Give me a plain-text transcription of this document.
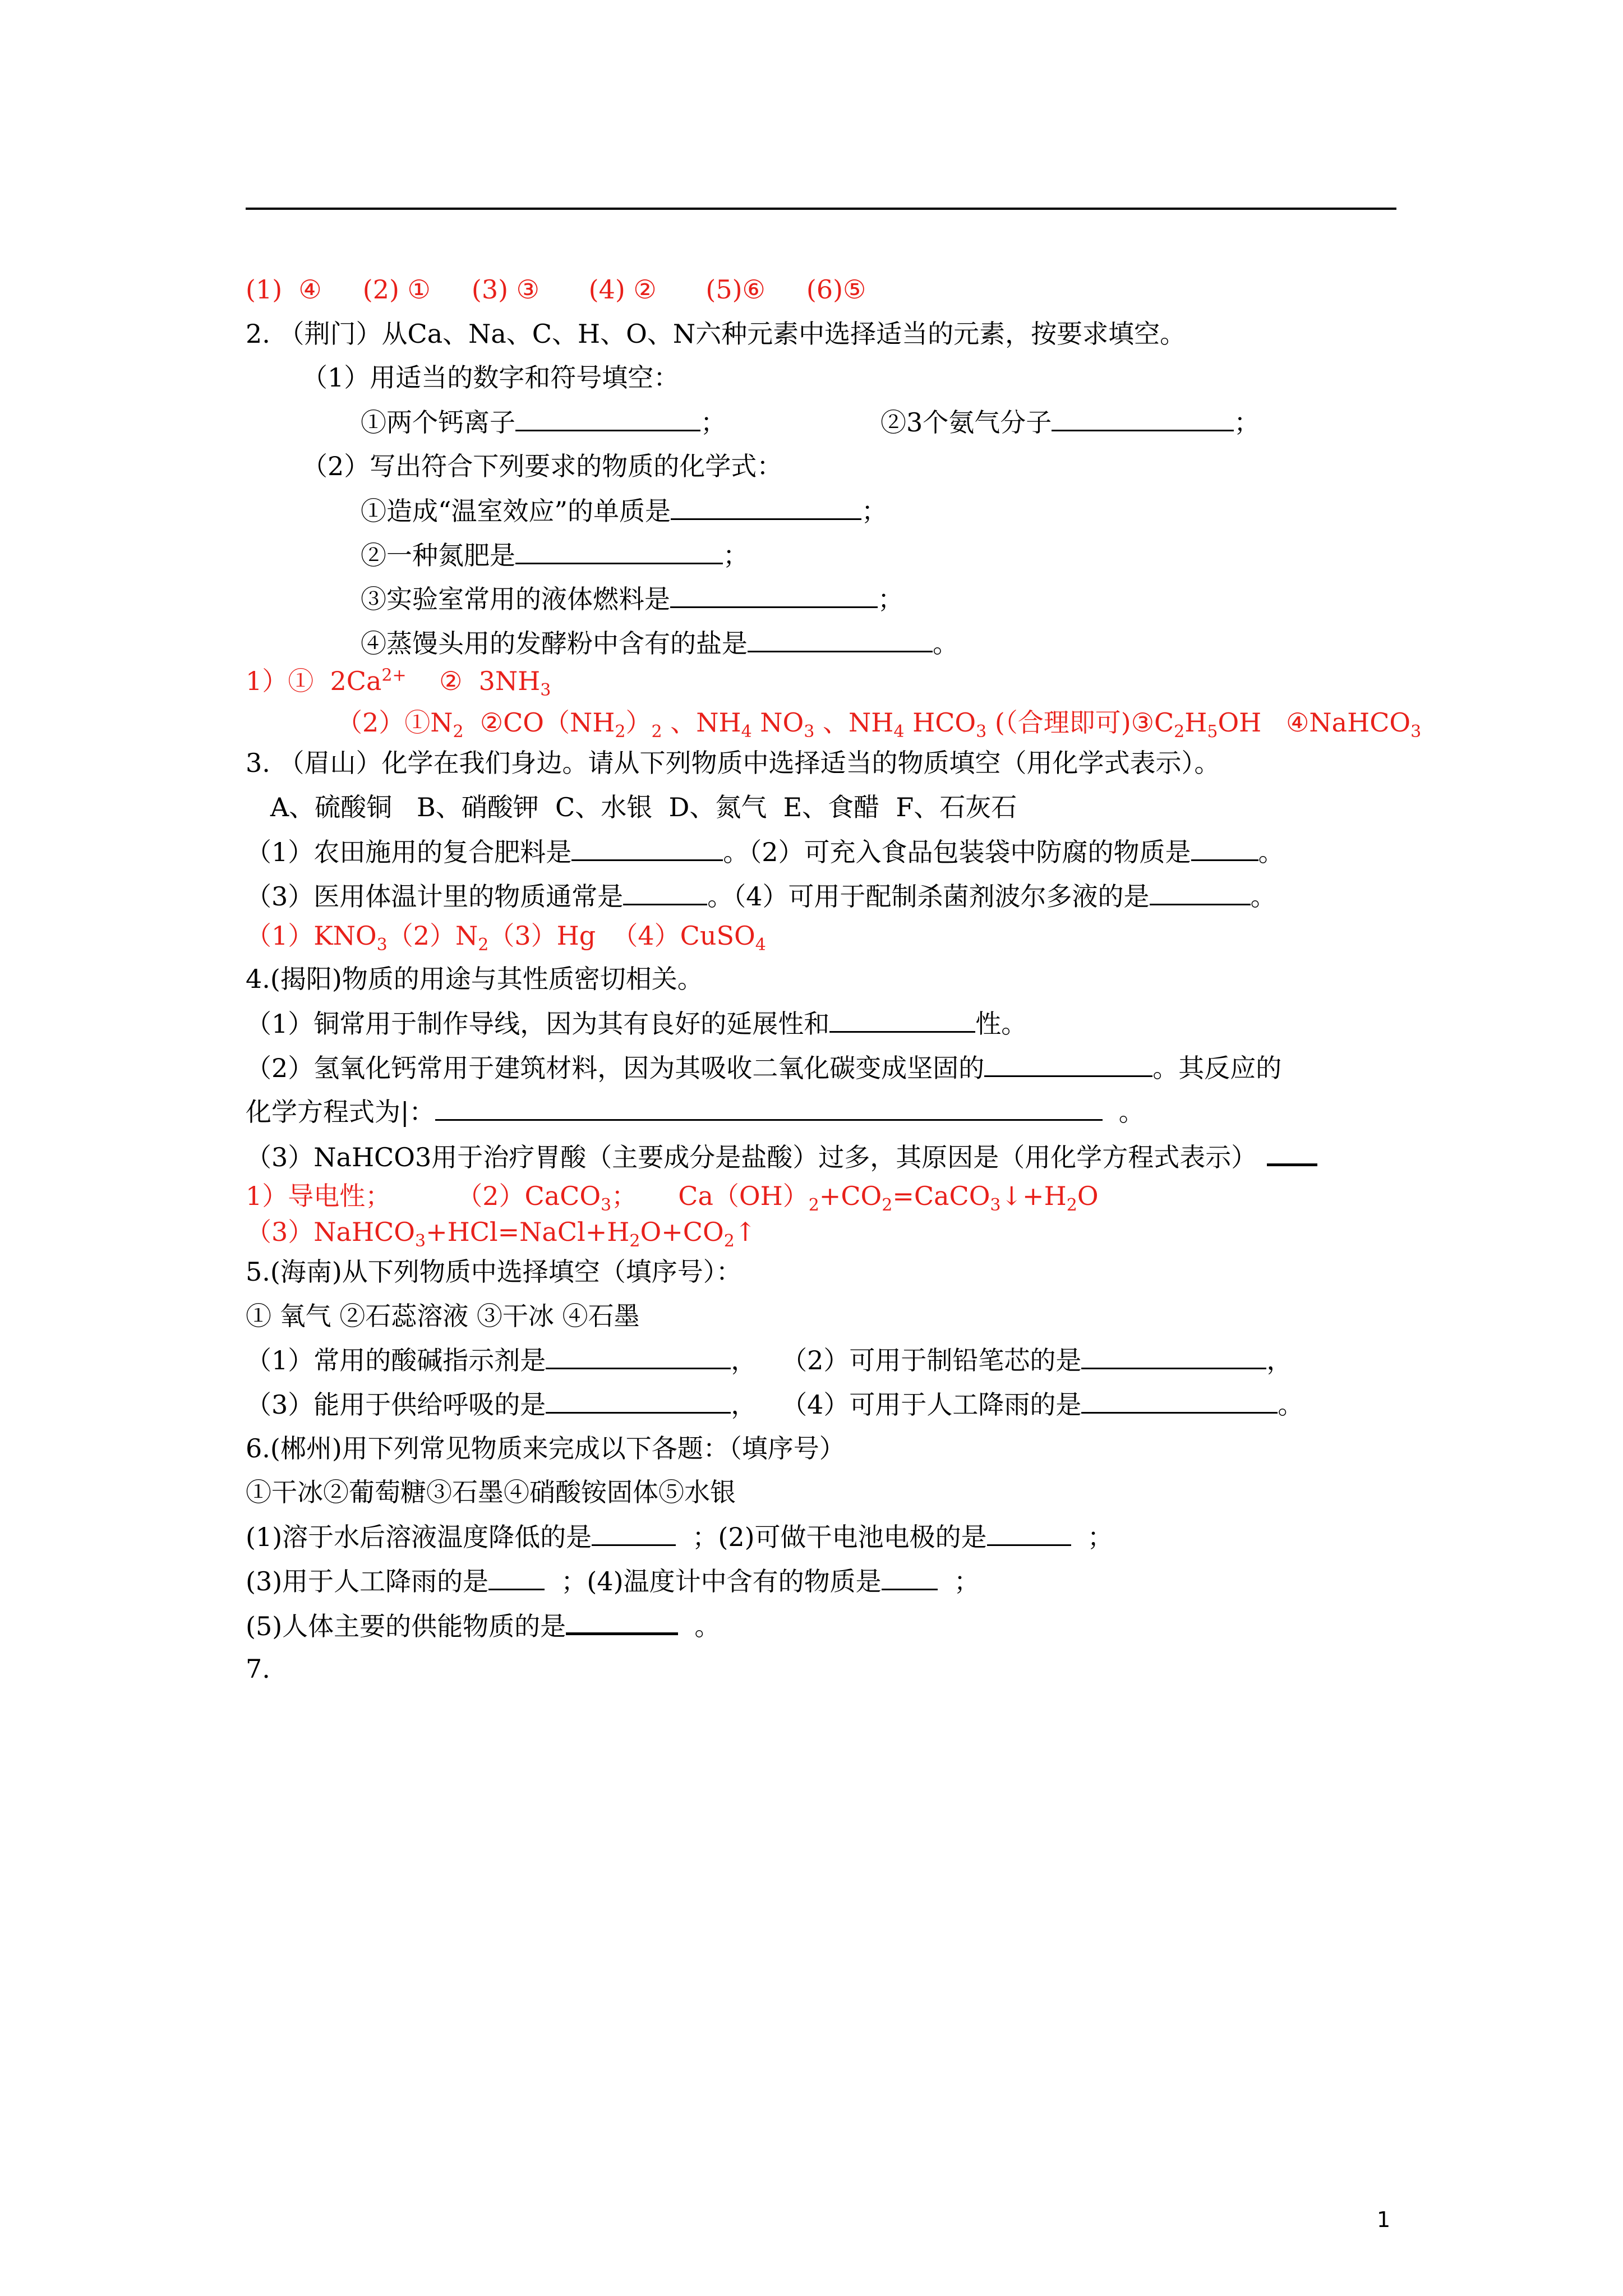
(1)  ④     (2) ①     (3) ③      (4) ②      (5)⑥     (6)⑤
2. （荆门）从Ca、Na、C、H、O、N六种元素中选择适当的元素，按要求填空。
（1）用适当的数字和符号填空：
①两个钙离子	；	②3个氨气分子	；
（2）写出符合下列要求的物质的化学式：
①造成“温室效应”的单质是	；
②一种氮肥是	；
③实验室常用的液体燃料是	；
④蒸馒头用的发酵粉中含有的盐是	。
1）①  $2Ca^{2+}$    ②  $3NH_3$
$(2)①N_2$  $②CO(NH_2)_2$ 、$NH_4$ $NO_3$ 、$NH_4$ $HCO_3$ (（合理即可)$③C_2H_5OH$   ④NaHCO$_3$
3. （眉山）化学在我们身边。请从下列物质中选择适当的物质填空（用化学式表示）。
A、硫酸铜   B、硝酸钾  C、水银  D、氮气  E、食醋  F、石灰石
（1）农田施用的复合肥料是	。（2）可充入食品包装袋中防腐的物质是	。
（3）医用体温计里的物质通常是	。（4）可用于配制杀菌剂波尔多液的是	。
$(1)KNO_3(2)N_2(3)Hg$  （4）CuSO$_4$
4.(揭阳)物质的用途与其性质密切相关。
（1）铜常用于制作导线，因为其有良好的延展性和	性。
（2）氢氧化钙常用于建筑材料，因为其吸收二氧化碳变成坚固的	。其反应的
化学方程式为|：	。
（3）NaHCO3用于治疗胃酸（主要成分是盐酸）过多，其原因是（用化学方程式表示）
1）导电性；        （2）CaCO$_3$；     $Ca(OH)_2+CO_2=CaCO_3↓+H_2O$
$(3)NaHCO_3+HCl=NaCl+H_2O+CO_2↑$
5.(海南)从下列物质中选择填空（填序号）：
① 氧气 ②石蕊溶液 ③干冰 ④石墨
（1）常用的酸碱指示剂是	，   （2）可用于制铅笔芯的是	，
（3）能用于供给呼吸的是	，   （4）可用于人工降雨的是	。
6.(郴州)用下列常见物质来完成以下各题：（填序号）
①干冰②葡萄糖③石墨④硝酸铵固体⑤水银
(1)溶于水后溶液温度降低的是	；(2)可做干电池电极的是	；
(3)用于人工降雨的是	；(4)温度计中含有的物质是	；
(5)人体主要的供能物质的是	。
7.
1
